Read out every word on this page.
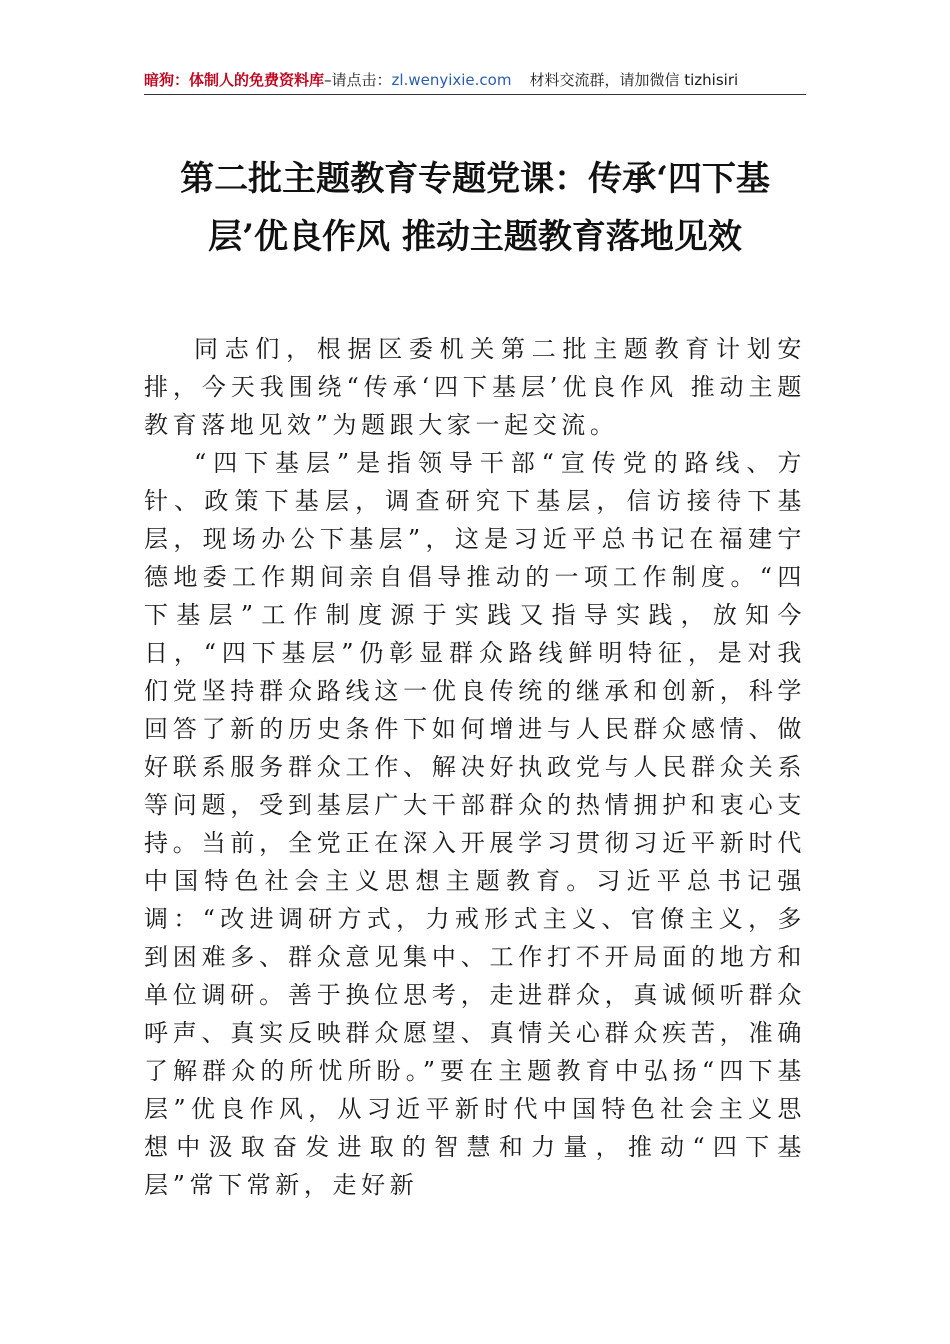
暗狗：体制人的免费资料库–请点击：zl.wenyixie.com 材料交流群，请加微信 tizhisiri
第二批主题教育专题党课：传承‘四下基层’优良作风 推动主题教育落地见效

同志们，根据区委机关第二批主题教育计划安排，今天我围绕“传承‘四下基层’优良作风 推动主题教育落地见效”为题跟大家一起交流。

“四下基层”是指领导干部“宣传党的路线、方针、政策下基层，调查研究下基层，信访接待下基层，现场办公下基层”，这是习近平总书记在福建宁德地委工作期间亲自倡导推动的一项工作制度。“四下基层”工作制度源于实践又指导实践，放知今日，“四下基层”仍彰显群众路线鲜明特征，是对我们党坚持群众路线这一优良传统的继承和创新，科学回答了新的历史条件下如何增进与人民群众感情、做好联系服务群众工作、解决好执政党与人民群众关系等问题，受到基层广大干部群众的热情拥护和衷心支持。当前，全党正在深入开展学习贯彻习近平新时代中国特色社会主义思想主题教育。习近平总书记强调：“改进调研方式，力戒形式主义、官僚主义，多到困难多、群众意见集中、工作打不开局面的地方和单位调研。善于换位思考，走进群众，真诚倾听群众呼声、真实反映群众愿望、真情关心群众疾苦，准确了解群众的所忧所盼。”要在主题教育中弘扬“四下基层”优良作风，从习近平新时代中国特色社会主义思想中汲取奋发进取的智慧和力量，推动“四下基层”常下常新，走好新
